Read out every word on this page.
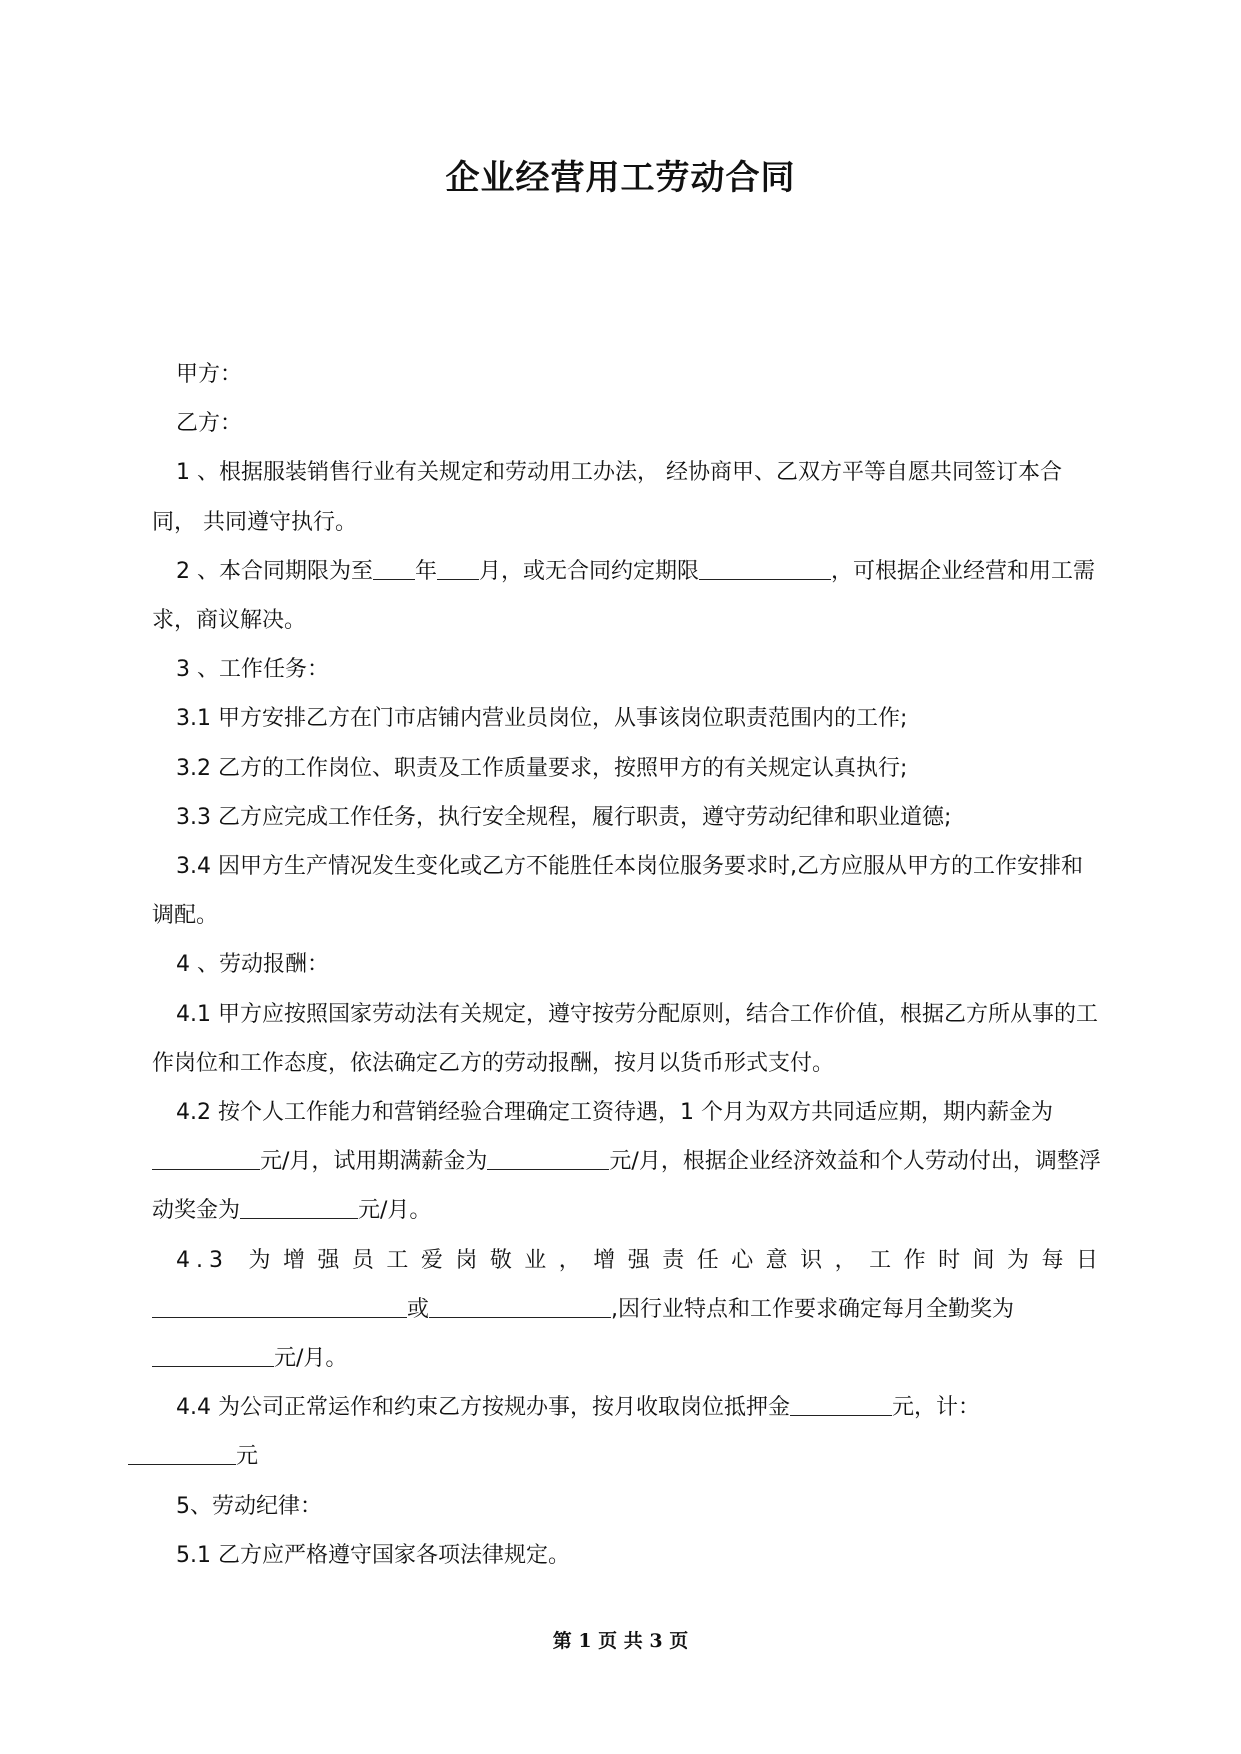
企业经营用工劳动合同

甲方：

乙方：

1 、根据服装销售行业有关规定和劳动用工办法， 经协商甲、乙双方平等自愿共同签订本合同， 共同遵守执行。

2 、本合同期限为至 年 月，或无合同约定期限	，可根据企业经营和用工需求，商议解决。

3 、工作任务：

3.1 甲方安排乙方在门市店铺内营业员岗位，从事该岗位职责范围内的工作;

3.2 乙方的工作岗位、职责及工作质量要求，按照甲方的有关规定认真执行;

3.3 乙方应完成工作任务，执行安全规程，履行职责，遵守劳动纪律和职业道德;

3.4 因甲方生产情况发生变化或乙方不能胜任本岗位服务要求时,乙方应服从甲方的工作安排和调配。

4 、劳动报酬：

4.1 甲方应按照国家劳动法有关规定，遵守按劳分配原则，结合工作价值，根据乙方所从事的工作岗位和工作态度，依法确定乙方的劳动报酬，按月以货币形式支付。

4.2 按个人工作能力和营销经验合理确定工资待遇，1 个月为双方共同适应期，期内薪金为元/月，试用期满薪金为	元/月，根据企业经济效益和个人劳动付出，调整浮动奖金为	元/月。

4.3 为增强员工爱岗敬业，增强责任心意识，工作时间为每日

或	,因行业特点和工作要求确定每月全勤奖为元/月。

4.4 为公司正常运作和约束乙方按规办事，按月收取岗位抵押金	元，计：
元

5、劳动纪律：

5.1 乙方应严格遵守国家各项法律规定。

第 1 页 共 3 页
